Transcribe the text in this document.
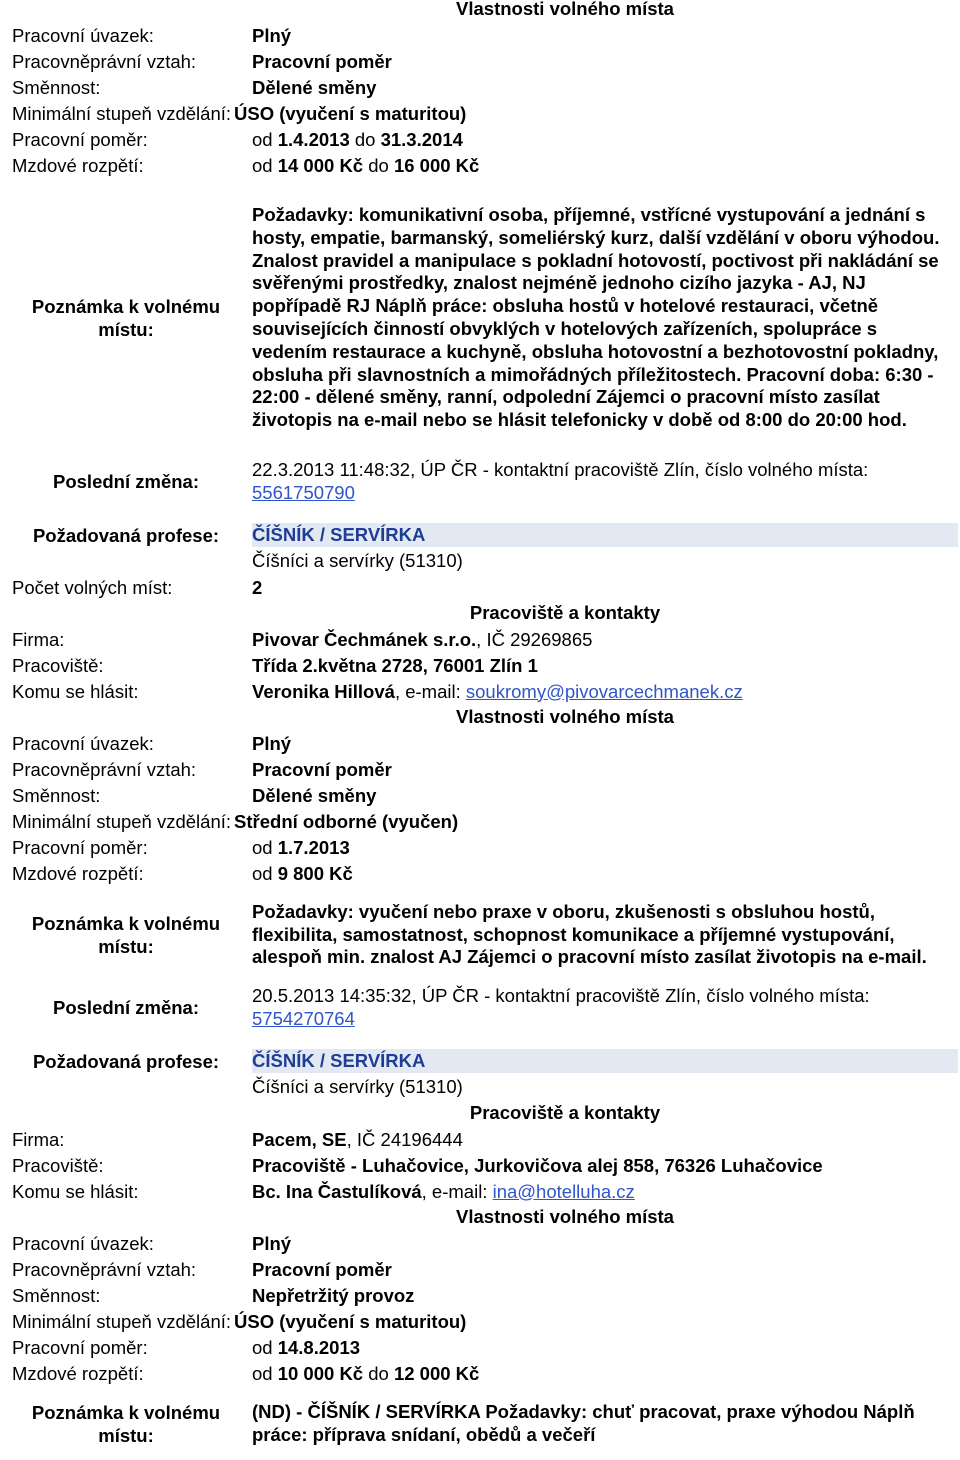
Vlastnosti volného místa
Pracovní úvazek:	Plný
Pracovněprávní vztah:	Pracovní poměr
Směnnost:	Dělené směny
Minimální stupeň vzdělání: ÚSO (vyučení s maturitou)
Pracovní poměr:	od 1.4.2013 do 31.3.2014
Mzdové rozpětí:	od 14 000 Kč do 16 000 Kč
Poznámka k volnému místu:
Požadavky: komunikativní osoba, příjemné, vstřícné vystupování a jednání s hosty, empatie, barmanský, someliérský kurz, další vzdělání v oboru výhodou. Znalost pravidel a manipulace s pokladní hotovostí, poctivost při nakládání se svěřenými prostředky, znalost nejméně jednoho cizího jazyka - AJ, NJ popřípadě RJ Náplň práce: obsluha hostů v hotelové restauraci, včetně souvisejících činností obvyklých v hotelových zařízeních, spolupráce s vedením restaurace a kuchyně, obsluha hotovostní a bezhotovostní pokladny, obsluha při slavnostních a mimořádných příležitostech. Pracovní doba: 6:30 - 22:00 - dělené směny, ranní, odpolední Zájemci o pracovní místo zasílat životopis na e-mail nebo se hlásit telefonicky v době od 8:00 do 20:00 hod.
Poslední změna:
22.3.2013 11:48:32, ÚP ČR - kontaktní pracoviště Zlín, číslo volného místa: 5561750790
Požadovaná profese:	ČÍŠNÍK / SERVÍRKA
Číšníci a servírky (51310)
Počet volných míst:	2
Pracoviště a kontakty
Firma:	Pivovar Čechmánek s.r.o., IČ 29269865
Pracoviště:	Třída 2.května 2728, 76001 Zlín 1
Komu se hlásit:	Veronika Hillová, e-mail: soukromy@pivovarcechmanek.cz
Vlastnosti volného místa
Pracovní úvazek:	Plný
Pracovněprávní vztah:	Pracovní poměr
Směnnost:	Dělené směny
Minimální stupeň vzdělání: Střední odborné (vyučen)
Pracovní poměr:	od 1.7.2013
Mzdové rozpětí:	od 9 800 Kč
Poznámka k volnému místu:
Požadavky: vyučení nebo praxe v oboru, zkušenosti s obsluhou hostů, flexibilita, samostatnost, schopnost komunikace a příjemné vystupování, alespoň min. znalost AJ Zájemci o pracovní místo zasílat životopis na e-mail.
Poslední změna:
20.5.2013 14:35:32, ÚP ČR - kontaktní pracoviště Zlín, číslo volného místa: 5754270764
Požadovaná profese:	ČÍŠNÍK / SERVÍRKA
Číšníci a servírky (51310)
Pracoviště a kontakty
Firma:	Pacem, SE, IČ 24196444
Pracoviště:	Pracoviště - Luhačovice, Jurkovičova alej 858, 76326 Luhačovice
Komu se hlásit:	Bc. Ina Častulíková, e-mail: ina@hotelluha.cz
Vlastnosti volného místa
Pracovní úvazek:	Plný
Pracovněprávní vztah:	Pracovní poměr
Směnnost:	Nepřetržitý provoz
Minimální stupeň vzdělání: ÚSO (vyučení s maturitou)
Pracovní poměr:	od 14.8.2013
Mzdové rozpětí:	od 10 000 Kč do 12 000 Kč
Poznámka k volnému místu:
(ND) - ČÍŠNÍK / SERVÍRKA Požadavky: chuť pracovat, praxe výhodou Náplň práce: příprava snídaní, obědů a večeří
